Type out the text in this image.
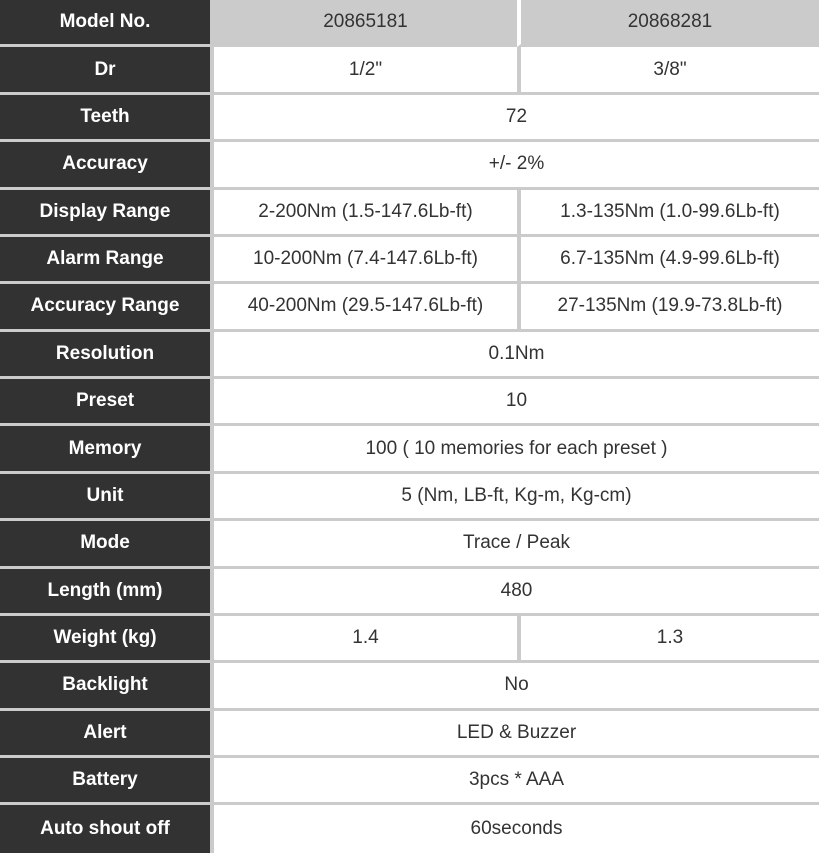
Model No.	20865181	20868281
Dr	1/2"	3/8"
Teeth	72	
Accuracy	+/- 2%	
Display Range	2-200Nm (1.5-147.6Lb-ft)	1.3-135Nm (1.0-99.6Lb-ft)
Alarm Range	10-200Nm (7.4-147.6Lb-ft)	6.7-135Nm (4.9-99.6Lb-ft)
Accuracy Range	40-200Nm (29.5-147.6Lb-ft)	27-135Nm (19.9-73.8Lb-ft)
Resolution	0.1Nm	
Preset	10	
Memory	100 ( 10 memories for each preset )	
Unit	5 (Nm, LB-ft, Kg-m, Kg-cm)	
Mode	Trace / Peak	
Length (mm)	480	
Weight (kg)	1.4	1.3
Backlight	No	
Alert	LED & Buzzer	
Battery	3pcs * AAA	
Auto shout off	60seconds	
